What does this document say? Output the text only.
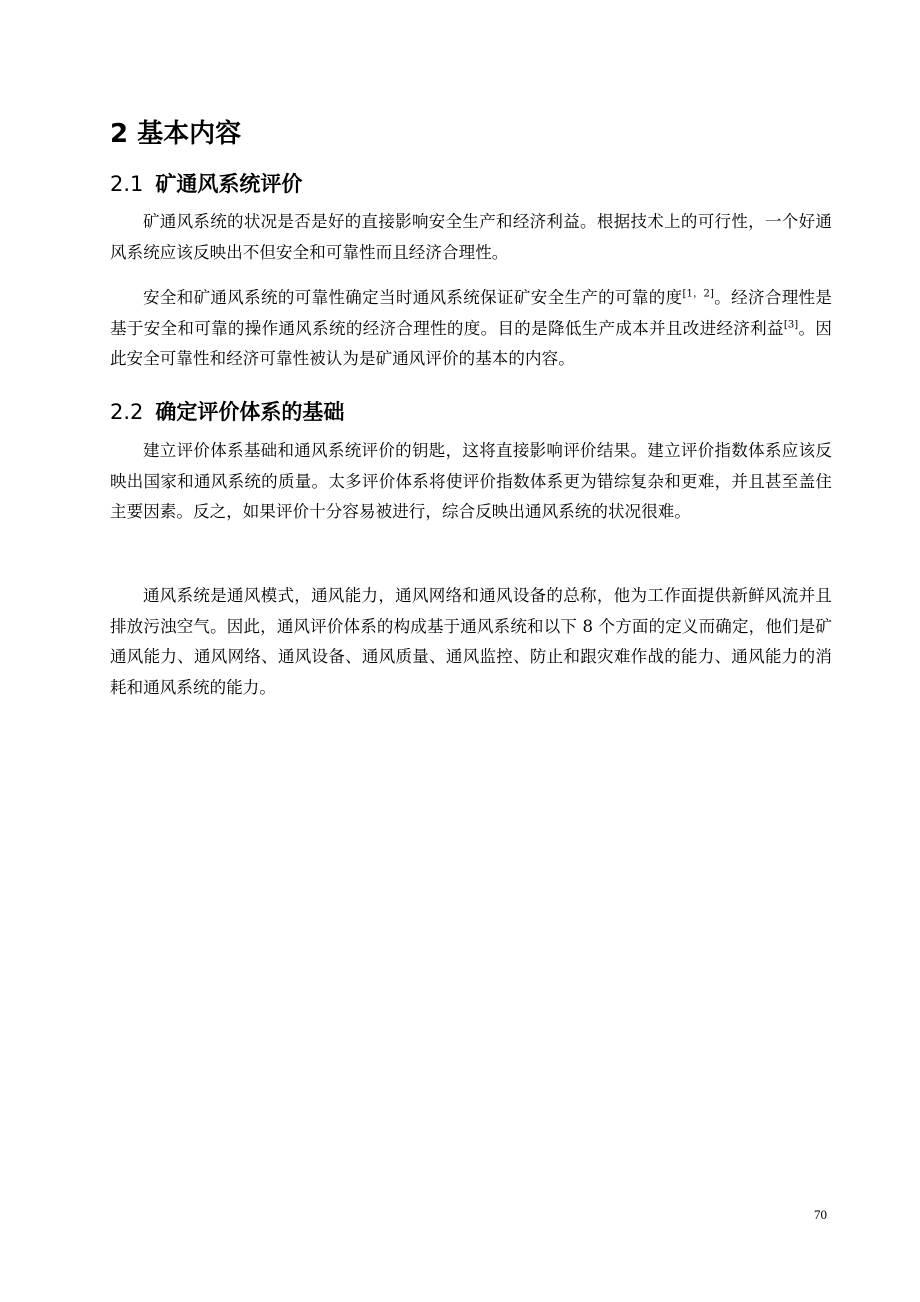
2 基本内容
2.1 矿通风系统评价

矿通风系统的状况是否是好的直接影响安全生产和经济利益。根据技术上的可行性，一个好通风系统应该反映出不但安全和可靠性而且经济合理性。

安全和矿通风系统的可靠性确定当时通风系统保证矿安全生产的可靠的度[1，2]。经济合理性是基于安全和可靠的操作通风系统的经济合理性的度。目的是降低生产成本并且改进经济利益[3]。因此安全可靠性和经济可靠性被认为是矿通风评价的基本的内容。

2.2 确定评价体系的基础

建立评价体系基础和通风系统评价的钥匙，这将直接影响评价结果。建立评价指数体系应该反映出国家和通风系统的质量。太多评价体系将使评价指数体系更为错综复杂和更难，并且甚至盖住主要因素。反之，如果评价十分容易被进行，综合反映出通风系统的状况很难。

通风系统是通风模式，通风能力，通风网络和通风设备的总称，他为工作面提供新鲜风流并且排放污浊空气。因此，通风评价体系的构成基于通风系统和以下 8 个方面的定义而确定，他们是矿通风能力、通风网络、通风设备、通风质量、通风监控、防止和跟灾难作战的能力、通风能力的消耗和通风系统的能力。

70
